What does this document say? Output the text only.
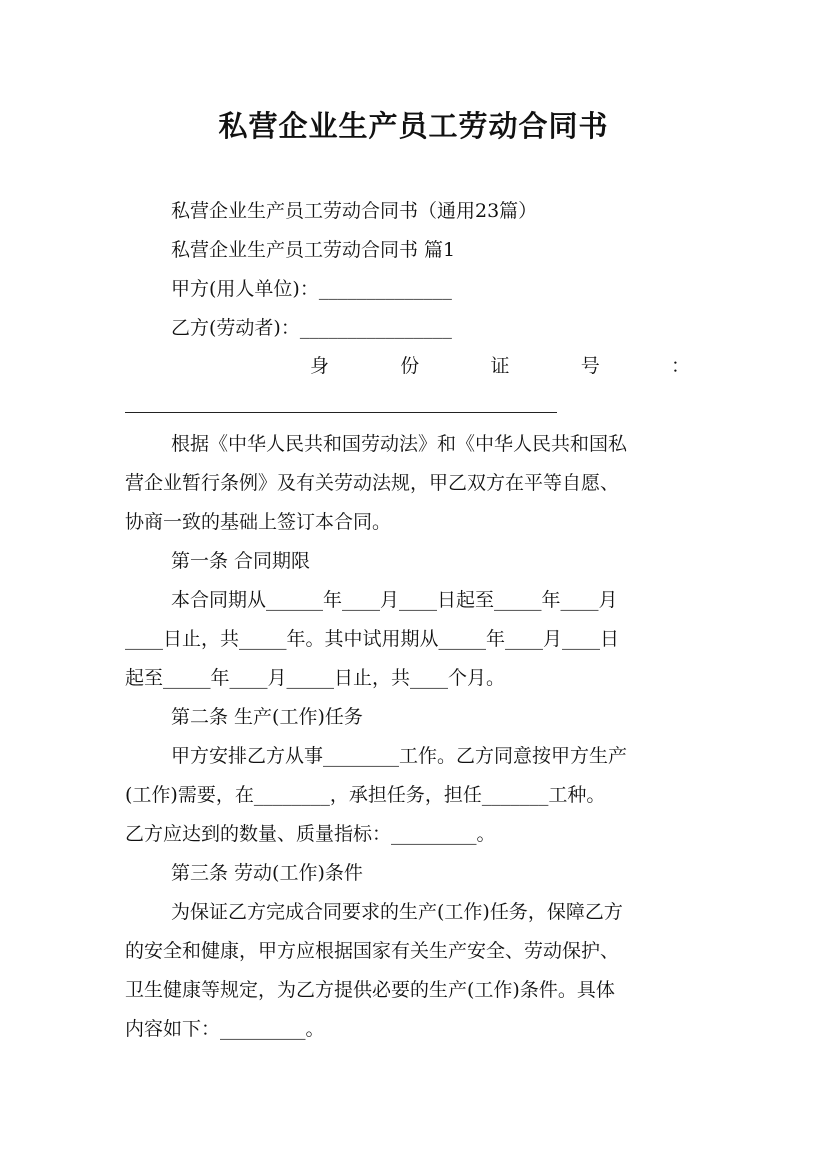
私营企业生产员工劳动合同书

私营企业生产员工劳动合同书（通用23篇）

私营企业生产员工劳动合同书 篇1

甲方(用人单位)：______________

乙方(劳动者)：________________

身	份	证	号	：

根据《中华人民共和国劳动法》和《中华人民共和国私

营企业暂行条例》及有关劳动法规，甲乙双方在平等自愿、

协商一致的基础上签订本合同。

第一条 合同期限

本合同期从______年____月____日起至_____年____月

____日止，共_____年。其中试用期从_____年____月____日

起至_____年____月_____日止，共____个月。

第二条 生产(工作)任务

甲方安排乙方从事________工作。乙方同意按甲方生产

(工作)需要，在________，承担任务，担任_______工种。

乙方应达到的数量、质量指标：_________。

第三条 劳动(工作)条件

为保证乙方完成合同要求的生产(工作)任务，保障乙方

的安全和健康，甲方应根据国家有关生产安全、劳动保护、

卫生健康等规定，为乙方提供必要的生产(工作)条件。具体

内容如下：_________。
